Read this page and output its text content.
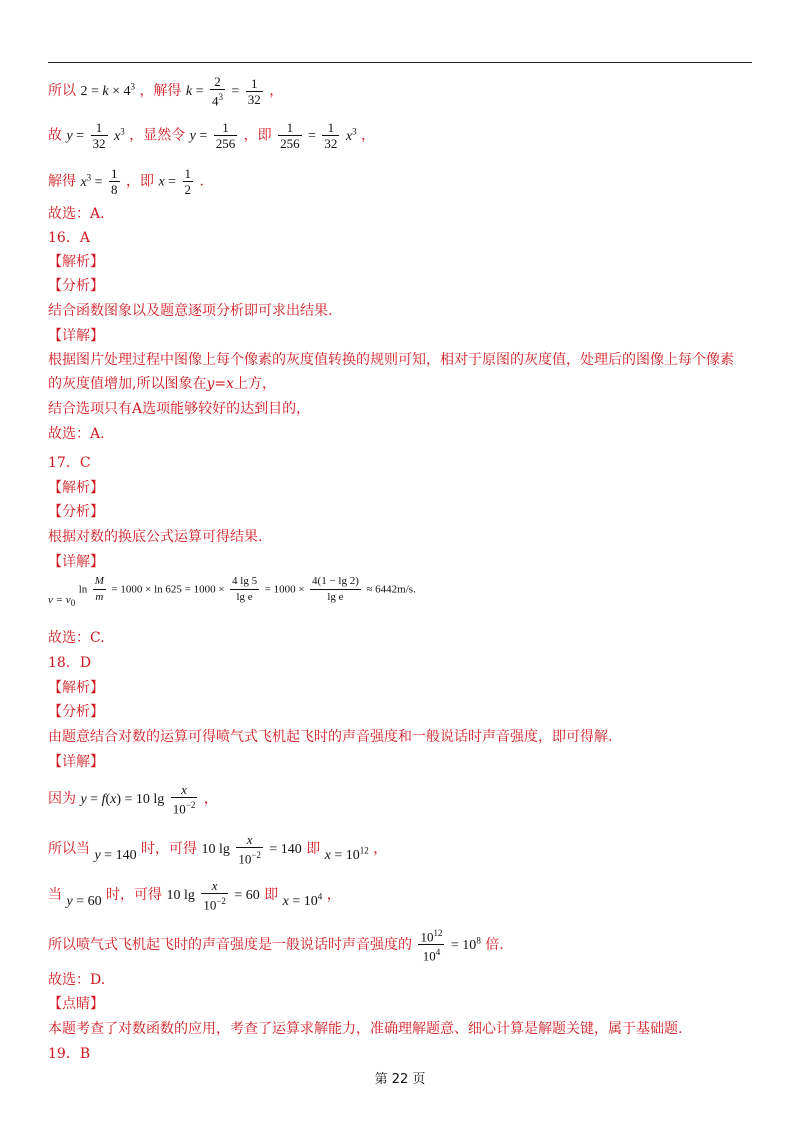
所以 $2 = k \times 4^3$ ，解得 $k = \frac{2}{4^3} = \frac{1}{32}$ ，
故 $y = \frac{1}{32} x^3$ ，显然令 $y = \frac{1}{256}$ ，即 $\frac{1}{256} = \frac{1}{32} x^3$ ，
解得 $x^3 = \frac{1}{8}$ ，即 $x = \frac{1}{2}$ .
故选：A.
16．A
【解析】
【分析】
结合函数图象以及题意逐项分析即可求出结果.
【详解】
根据图片处理过程中图像上每个像素的灰度值转换的规则可知，相对于原图的灰度值，处理后的图像上每个像素
的灰度值增加,所以图象在y=x上方，
结合选项只有A选项能够较好的达到目的，
故选：A.
17．C
【解析】
【分析】
根据对数的换底公式运算可得结果.
【详解】
$v = v_0$ $\ln \frac{M}{m} = 1000 \times \ln 625 = 1000 \times \frac{4 \lg 5}{\text{lg e}} = 1000 \times \frac{4(1 - \lg 2)}{\text{lg e}} \approx 6442m/s$.
故选：C.
18．D
【解析】
【分析】
由题意结合对数的运算可得喷气式飞机起飞时的声音强度和一般说话时声音强度，即可得解.
【详解】
因为 y = f(x) = 10 $\lg \frac{x}{10^{-2}}$ ，
所以当 y = 140 时，可得 10 $\lg \frac{x}{10^{-2}} = 140$ 即 $x = 10^{12}$ ，
当 y = 60 时，可得 10 $\lg \frac{x}{10^{-2}} = 60$ 即 $x = 10^4$ ，
所以喷气式飞机起飞时的声音强度是一般说话时声音强度的 $\frac{10^{12}}{10^4} = 10^8$ 倍.
故选：D.
【点睛】
本题考查了对数函数的应用，考查了运算求解能力，准确理解题意、细心计算是解题关键，属于基础题.
19．B
第 22 页
